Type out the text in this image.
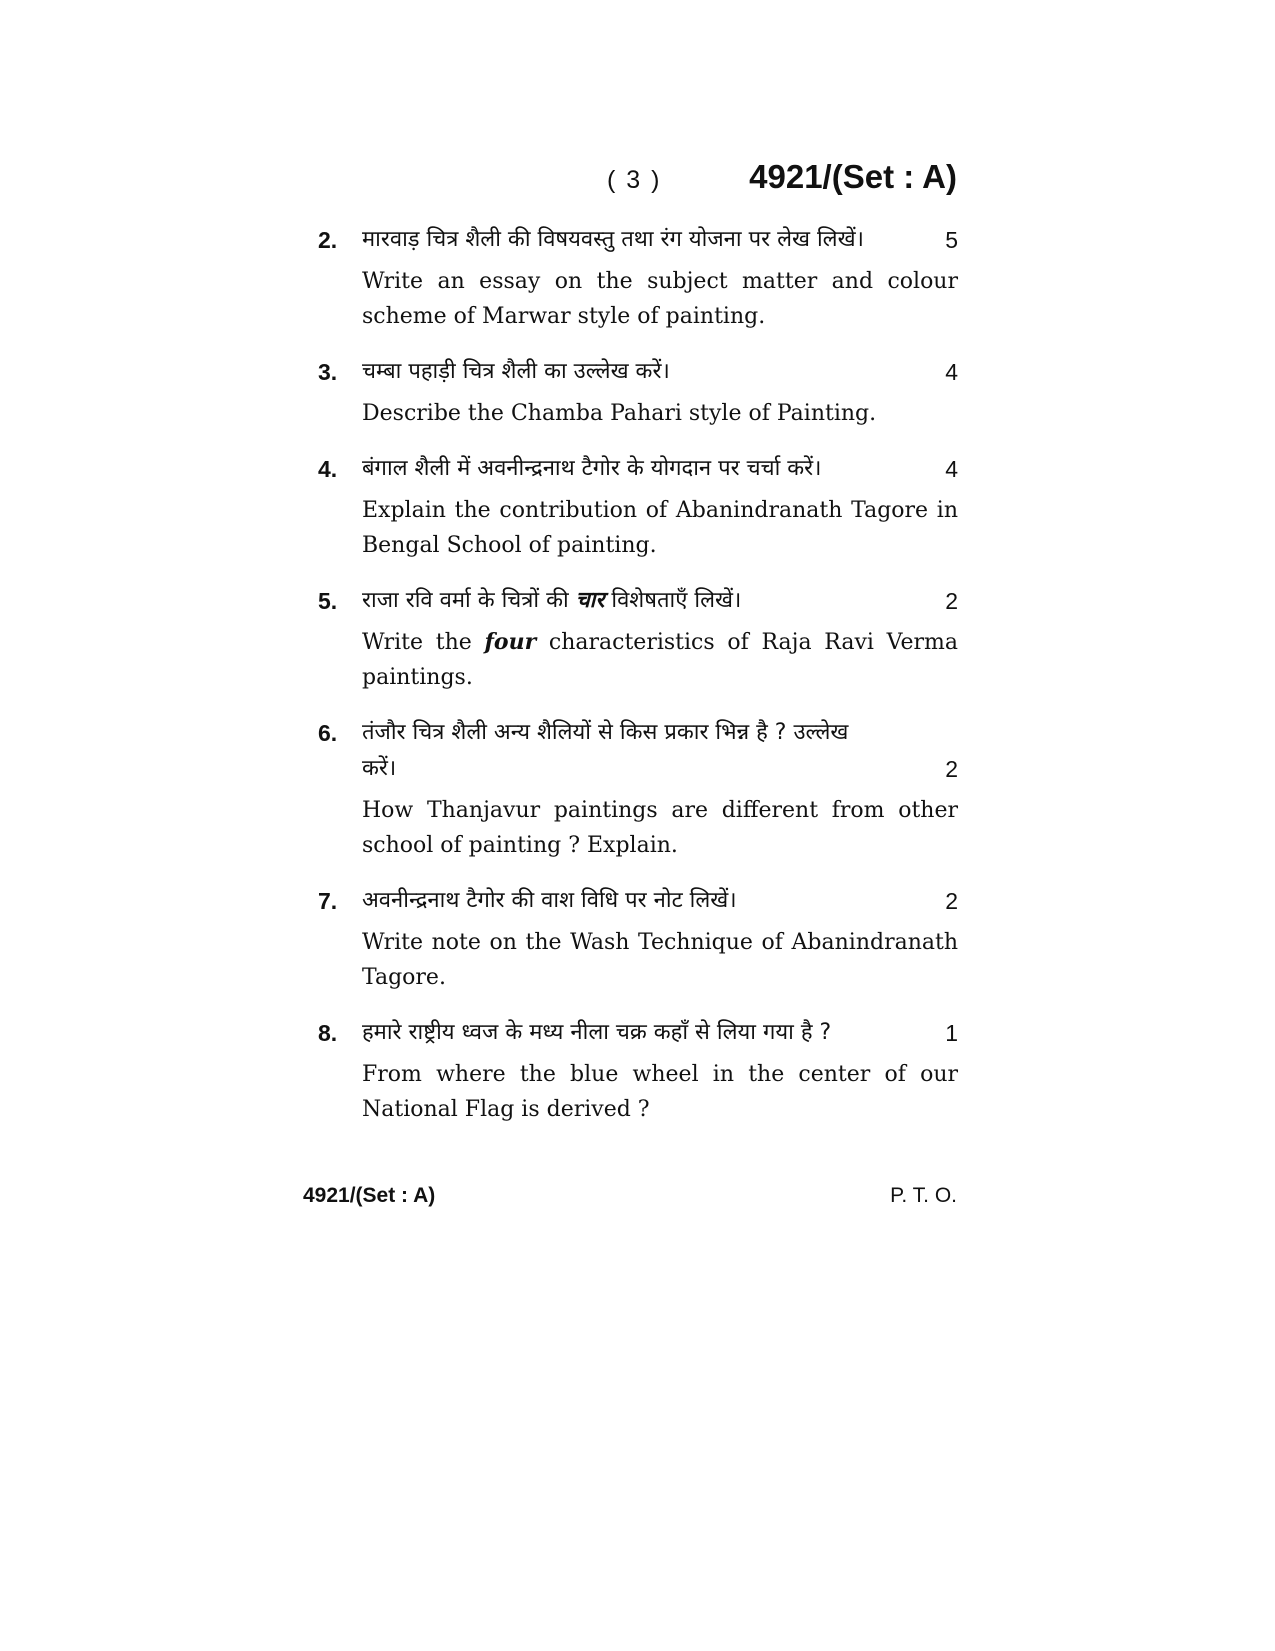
( 3 )	4921/(Set : A)
2.	मारवाड़ चित्र शैली की विषयवस्तु तथा रंग योजना पर लेख लिखें।	5
Write an essay on the subject matter and colour scheme of Marwar style of painting.
3.	चम्बा पहाड़ी चित्र शैली का उल्लेख करें।	4
Describe the Chamba Pahari style of Painting.
4.	बंगाल शैली में अवनीन्द्रनाथ टैगोर के योगदान पर चर्चा करें।	4
Explain the contribution of Abanindranath Tagore in Bengal School of painting.
5.	राजा रवि वर्मा के चित्रों की चार विशेषताएँ लिखें।	2
Write the four characteristics of Raja Ravi Verma paintings.
6.	तंजौर चित्र शैली अन्य शैलियों से किस प्रकार भिन्न है ? उल्लेख
करें।	2
How Thanjavur paintings are different from other school of painting ? Explain.
7.	अवनीन्द्रनाथ टैगोर की वाश विधि पर नोट लिखें।	2
Write note on the Wash Technique of Abanindranath Tagore.
8.	हमारे राष्ट्रीय ध्वज के मध्य नीला चक्र कहाँ से लिया गया है ?	1
From where the blue wheel in the center of our National Flag is derived ?
4921/(Set : A)	P. T. O.
